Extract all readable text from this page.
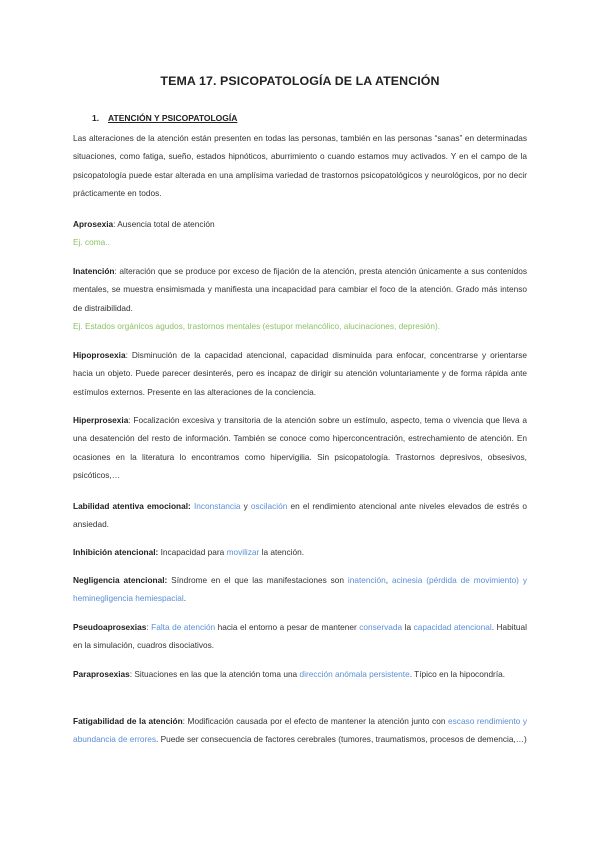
TEMA 17. PSICOPATOLOGÍA DE LA ATENCIÓN
1. ATENCIÓN Y PSICOPATOLOGÍA
Las alteraciones de la atención están presenten en todas las personas, también en las personas “sanas” en determinadas situaciones, como fatiga, sueño, estados hipnóticos, aburrimiento o cuando estamos muy activados. Y en el campo de la psicopatología puede estar alterada en una amplísima variedad de trastornos psicopatológicos y neurológicos, por no decir prácticamente en todos.
Aprosexia: Ausencia total de atención
Ej. coma..
Inatención: alteración que se produce por exceso de fijación de la atención, presta atención únicamente a sus contenidos mentales, se muestra ensimismada y manifiesta una incapacidad para cambiar el foco de la atención. Grado más intenso de distraibilidad.
Ej. Estados orgánicos agudos, trastornos mentales (estupor melancólico, alucinaciones, depresión).
Hipoprosexia: Disminución de la capacidad atencional, capacidad disminuida para enfocar, concentrarse y orientarse hacia un objeto. Puede parecer desinterés, pero es incapaz de dirigir su atención voluntariamente y de forma rápida ante estímulos externos. Presente en las alteraciones de la conciencia.
Hiperprosexia: Focalización excesiva y transitoria de la atención sobre un estímulo, aspecto, tema o vivencia que lleva a una desatención del resto de información. También se conoce como hiperconcentración, estrechamiento de atención. En ocasiones en la literatura lo encontramos como hipervigilia. Sin psicopatología. Trastornos depresivos, obsesivos, psicóticos,…
Labilidad atentiva emocional: Inconstancia y oscilación en el rendimiento atencional ante niveles elevados de estrés o ansiedad.
Inhibición atencional: Incapacidad para movilizar la atención.
Negligencia atencional: Síndrome en el que las manifestaciones son inatención, acinesia (pérdida de movimiento) y heminegligencia hemiespacial.
Pseudoaprosexias: Falta de atención hacia el entorno a pesar de mantener conservada la capacidad atencional. Habitual en la simulación, cuadros disociativos.
Paraprosexias: Situaciones en las que la atención toma una dirección anómala persistente. Típico en la hipocondría.
Fatigabilidad de la atención: Modificación causada por el efecto de mantener la atención junto con escaso rendimiento y abundancia de errores. Puede ser consecuencia de factores cerebrales (tumores, traumatismos, procesos de demencia,…)
